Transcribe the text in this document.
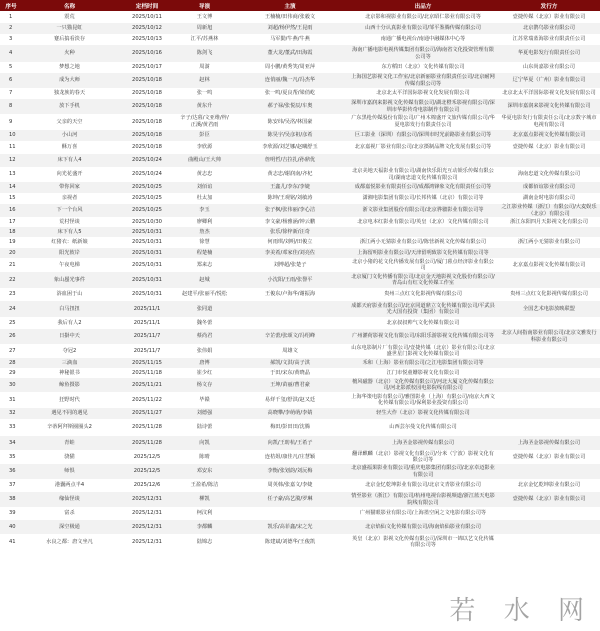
序号	名称	定档时间	导演	主演	出品方	发行方
1	震荒	2025/10/11	王文博	王楠楠/田伟商/张毅文	北京影和视影业有限公司/北京昭仁影业有限公司等	壹捷传媒（北京）影业有限公司
2	一只猫昆虹	2025/10/12	周新旭	刘超/杨伊然/王昆雨	山西十分认真影业有限公司/邹平鉴腾传媒有限公司	北京鹊鸟影业有限公司
3	蹇后搞看淡存	2025/10/13	江平/苏燕林	马军勤/牛燕/牛燕	南通广播电视台/南通中融媒体中心等	江苏常瑞蓝海影业有限责任公司
4	火种	2025/10/16	陈剑飞	董大龙/董武/田海霞	海南广播电影电视传媒集团有限公司/海南省文化投资管理有限公司等	华夏电影发行有限责任公司
5	梦想之地	2025/10/17	周澍	周小鹏/黄秀笑/周亚萍	东方稻田（北京）文化传媒有限公司	山东尚嘉影业有限公司
6	成为大师	2025/10/18	赵林	连俏丽/魏一凡/冯杰华	上海国艺影视文化工作室/北京新丽影业有限责任公司/北京耐网传媒有限公司等	辽宁华夏（广州）影业有限公司
7	独龙族的春天	2025/10/18	张一鸣	张一鸣/夏良帮/梁俏屹	北京北太平洋国际影视文化发展有限公司	北京北太平洋国际影视文化发展有限公司
8	放下手机	2025/10/18	黄东升	郝子禄/张悦辰/车奥	深圳市嘉润来影视文化传媒有限公司/湖北橙禾影视有限公司/深圳市华影传奇电影制作有限公司	深圳市嘉润来影视文化传媒有限公司
9	父亲的天空	2025/10/18	辛子/达暮/文亚维/梓/正溪/黄君雨	陈安纬/吴洺/林国豪	广东黑枪传媒股份有限公司/广州木棉盛开文旅传媒有限公司/华夏电影发行有限责任公司	华夏电影发行有限责任公司/北京数字城市电视有限公司
10	小山河	2025/10/18	彭臣	陈昊宇/吴彦祖/彦希	巨工影业（深圳）有限公司/深圳市时光前路影业有限公司等	北京嘉点影视文化传媒有限公司
11	酥万喜	2025/10/18	李欣源	李欣源/刘芝娜/赵曦舒玉	北京嘉视厂影业有限公司/北京摄制品牌文化发展有限公司等	壹捷传媒（北京）影业有限公司
12	床下有人4	2025/10/24	曲殿山/王大帅	詹明哲/吉拉扎/孙鼎优		
13	向光花盛开	2025/10/24	黄志忠	黄志忠/谢润南/齐杞	北京美地天福影业有限公司/湖南快乐阳光互动娱乐传媒有限公司/湖南忠道文化传媒有限公司	海南忠道文化传媒有限公司
14	带你回家	2025/10/25	刘佰谊	王鑫儿/李东/李婕	成都嘉悦影业有限责任公司/成都鸿锋象文化有限责任公司等	成都佰谊影业有限公司
15	亲视者	2025/10/25	杜太加	陈坤/王观铭/刘敏涛	潇湘电影集团有限公司/长邦传媒（北京）有限公司等	湖南金时电影有限公司
16	下一个台风	2025/10/25	李玉	张子枫/张伟丽/李心洁	浙文影业集团股份有限公司/北京骅骝影业有限公司等	之江影业传媒（浙江）有限公司/大麦娱乐（北京）有限公司
17	荒村怪谈	2025/10/30	廖卿利	李文豪/杨雅涵/钟云鹏	北京电本红影业有限公司/英皇（北京）文化传媒有限公司	浙江东阳四月天影视文化有限公司
18	床下有人5	2025/10/31	詹杰	张乐/徐梓新/汪奇		
19	红猪衣：纸新娘	2025/10/31	徐慧	何雨琪/刘明/田俊立	浙江两小无猜影业有限公司/陈营新视文化传媒有限公司	浙江两小无猜影业有限公司
20	阳光彼岸	2025/10/31	程楚楠	李美希/邓家佳/刘亮佐	上海留明影业有限公司/天津留明致影文化传媒有限公司等	
21	午夜电梯	2025/10/31	郑来志	刘博超/张楚子	北京小猪的花文化传播发展有限公司/厦门暮点经济影业有限公司	北京嘉点影视文化传媒有限公司
22	象山蜃光事件	2025/10/31	赵城	小沈阳/王雨/张譽平	北京厦门文化传播有限公司/北京金天地影视文化股份有限公司/青岛山有红文化传媒工作室	
23	浴血困于山	2025/10/31	赵建平/张丽平/悦松	王俊东/卢海华/谢振海	贵州三点红文化影视传媒有限公司	贵州三点红文化影视传媒有限公司
24	白马扭扭	2025/11/1	张同道		成都天府影业有限公司/北京同道鼎立文化传媒有限公司/平武县光大国有投资（集团）有限公司	全国艺术电影放映联盟
25	我后有人2	2025/11/1	魏冬蕾		北京叔叔帅气文化传媒有限公司	
26	日掛中天	2025/11/7	蔡尚君	辛芷蕾/张颂文/冯绍峰	广州灌荷影视文化有限公司/东阳乐游影视文化传媒有限公司等	北京人间指南影业有限公司/北京文雅发行科影业有限公司
27	夺冠2	2025/11/7	张伟娟	周雄文	山东电影制片厂有限公司/壹捷传媒（北京）影业有限公司/北京盛世星门影视文化传媒有限公司	
28	三滴血	2025/11/15	唐博	郝凯/文淇/高子淇	禾和（上海）影业有限公司/之江电影集团有限公司等	
29	神秘银书	2025/11/18	崔少红	于田/宋东/黄晓晶	江门市悦童姗影视文化有限公司	
30	鲸鱼摄影	2025/11/21	杨文存	王坤/苗丽/曹君豪	檀风磁器（北京）文化传媒有限公司/河北大厦文化传媒有限公司/河北影派校园电影院线有限公司	
31	狂野时代	2025/11/22	毕赣	易烊千玺/舒淇/赵又廷	上海华策电影有限公司/雅图影业（上海）有限公司/南京大西文化传媒有限公司/保利影业投资有限公司	
32	遇见不同的遇见	2025/11/27	刘德强	高晓攀/李萌萌/李婧	轻生大作（北京）影视文化传媒有限公司	
33	辛蒂阿拜斯圈圈头2	2025/11/28	陆诗蕾	梅田/彭田田/沈腾	山西芸尔曼文化传媒有限公司	
34	青蛙	2025/11/28	向凯	向凯/王昉杭/王希子	上海圣金影视传媒有限公司	上海圣金影视传媒有限公司
35	骁猫	2025/12/5	陈晴	连桔姐/康佳凡/庄慧颖	翻译麒麟（北京）影视文化有限公司/分米（宁波）影视文化有限公司等	壹捷传媒（北京）影业有限公司
36	师惧	2025/12/5	邓安东	李衡/张划韵/刘沅梅	北京盛福果影业有限公司/重庆电影集团有限公司/北京卓迈影业有限公司	
37	港囊两点半4	2025/12/6	王盈希/陈洁	周英韩/张嘉文/李婕	北京金忆乾坤影业有限公司/北京文青影业有限公司	北京金忆乾坤影业有限公司
38	缘仙怪谈	2025/12/31	柳凯	任子豪/高艺漪/罗琳	情至影业（浙江）有限公司/杭州电视台影视频道/浙江蓝天电影院线有限公司	壹捷传媒（北京）影业有限公司
39	富杀	2025/12/31	柯汶利		广州猫眼影业有限公司/上海墨空闲之文电影有限公司等	
40	深空极通	2025/12/31	李都麟	凯乐/高菲鑫/宋之光	北京焰仙文化传媒有限公司/海南焰仙影业有限公司	
41	水良之都：唐文坐凡	2025/12/31	陆锦志	陈建斌/刘德华/王俊凯	英皇（北京）影视文化传媒有限公司/深圳市一锦以艺文化传媒有限公司等	
若 水 网
